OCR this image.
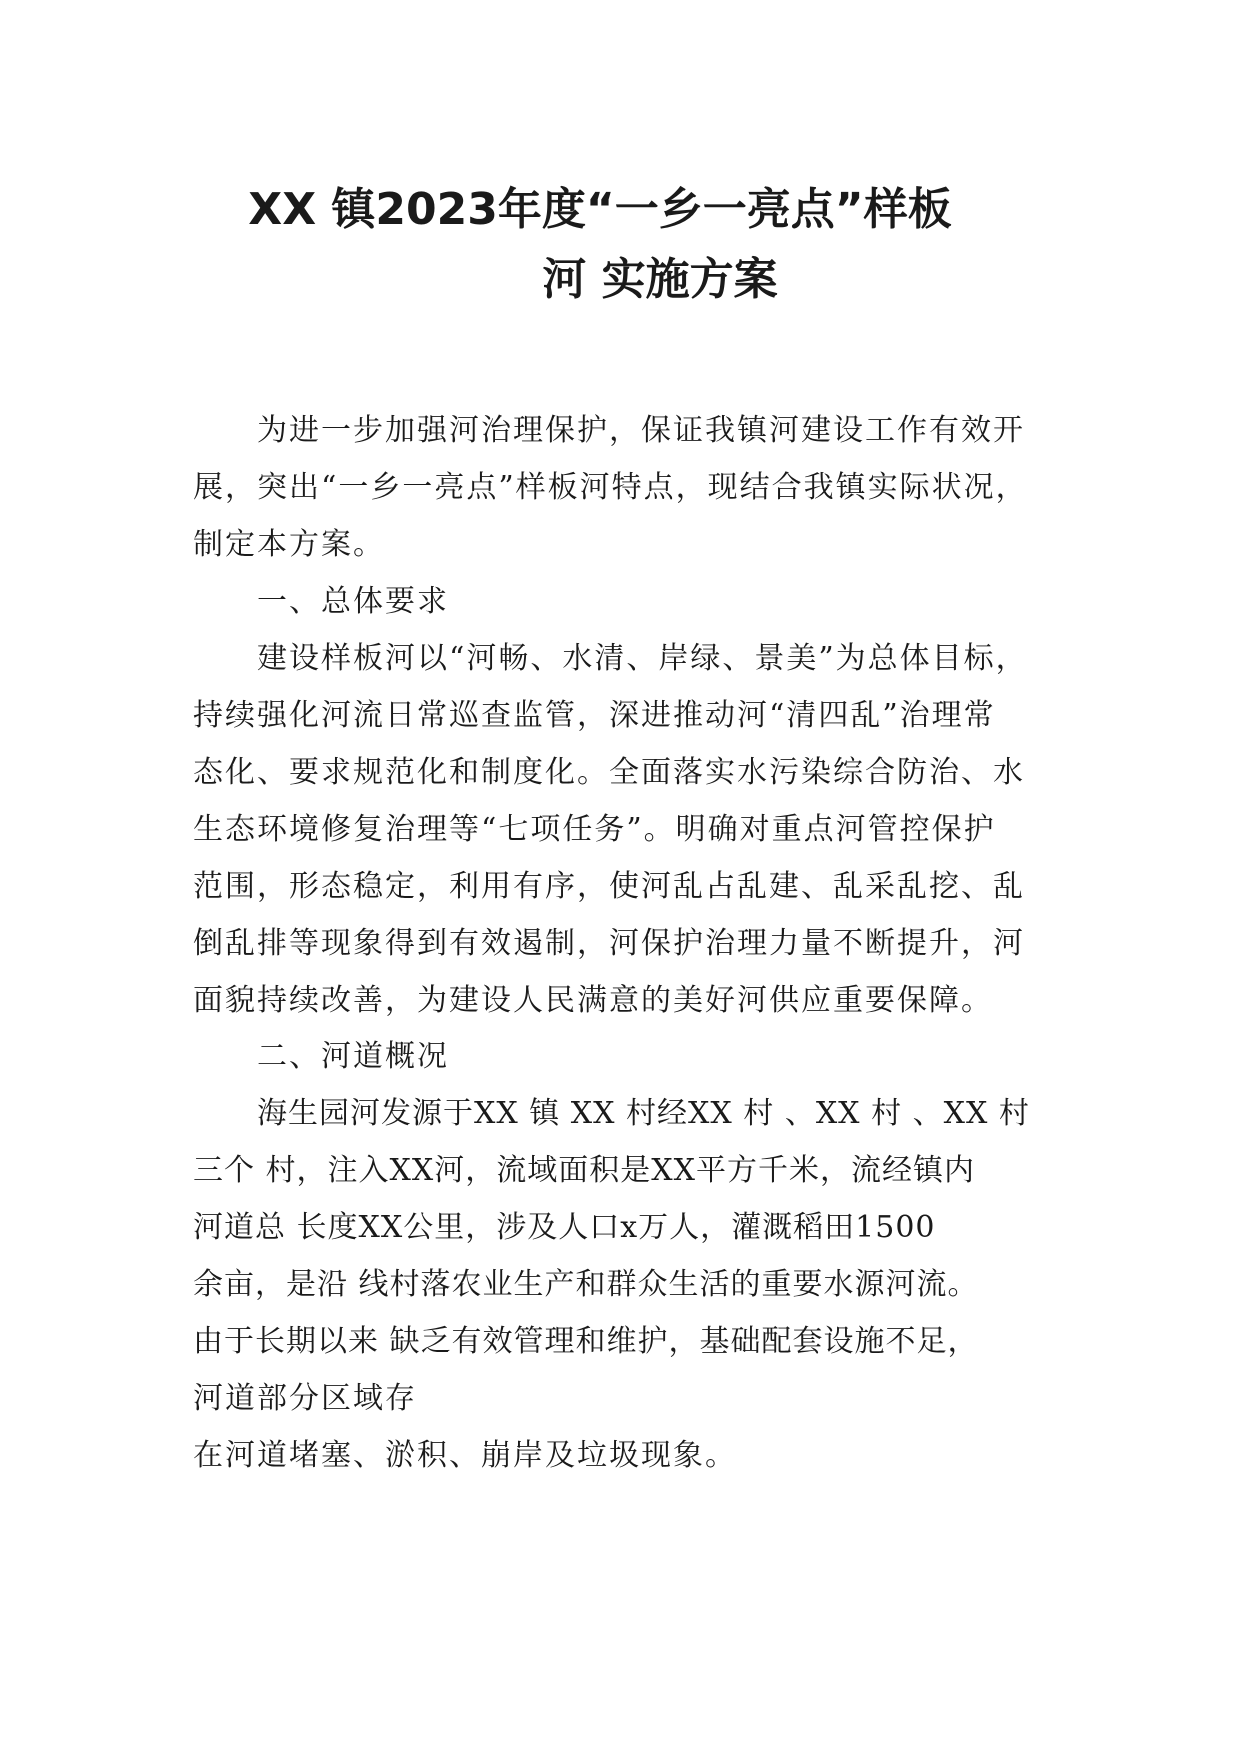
XX 镇2023年度“一乡一亮点”样板
河 实施方案
为进一步加强河治理保护，保证我镇河建设工作有效开
展，突出“一乡一亮点”样板河特点，现结合我镇实际状况，
制定本方案。
一、总体要求
建设样板河以“河畅、水清、岸绿、景美”为总体目标，
持续强化河流日常巡查监管，深进推动河“清四乱”治理常
态化、要求规范化和制度化。全面落实水污染综合防治、水
生态环境修复治理等“七项任务”。明确对重点河管控保护
范围，形态稳定，利用有序，使河乱占乱建、乱采乱挖、乱
倒乱排等现象得到有效遏制，河保护治理力量不断提升，河
面貌持续改善，为建设人民满意的美好河供应重要保障。
二、河道概况
海生园河发源于XX 镇 XX 村经XX 村 、XX 村 、XX 村
三个 村，注入XX河，流域面积是XX平方千米，流经镇内
河道总 长度XX公里，涉及人口x万人，灌溉稻田1500
余亩，是沿 线村落农业生产和群众生活的重要水源河流。
由于长期以来 缺乏有效管理和维护，基础配套设施不足，
河道部分区域存
在河道堵塞、淤积、崩岸及垃圾现象。
